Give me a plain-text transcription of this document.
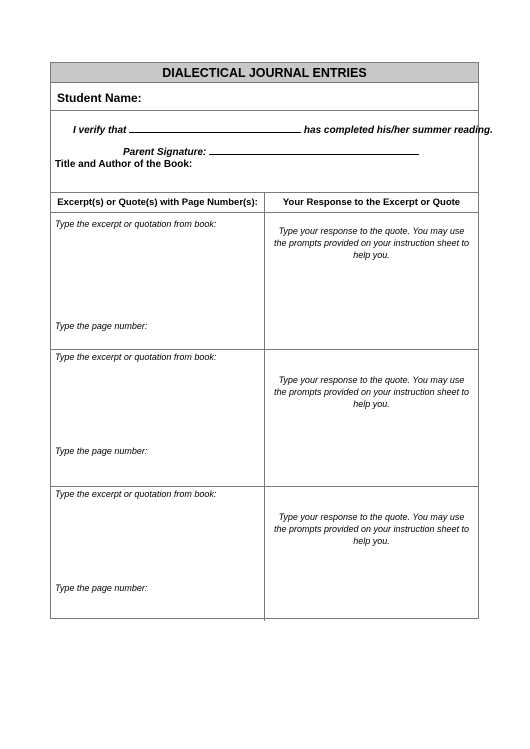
DIALECTICAL JOURNAL ENTRIES
Student Name:
I verify that	has completed his/her summer reading.
Parent Signature:
Title and Author of the Book:
Excerpt(s) or Quote(s) with Page Number(s):	Your Response to the Excerpt or Quote
Type the excerpt or quotation from book:
Type the page number:
Type your response to the quote. You may use the prompts provided on your instruction sheet to help you.
Type the excerpt or quotation from book:
Type the page number:
Type your response to the quote. You may use the prompts provided on your instruction sheet to help you.
Type the excerpt or quotation from book:
Type the page number:
Type your response to the quote. You may use the prompts provided on your instruction sheet to help you.
